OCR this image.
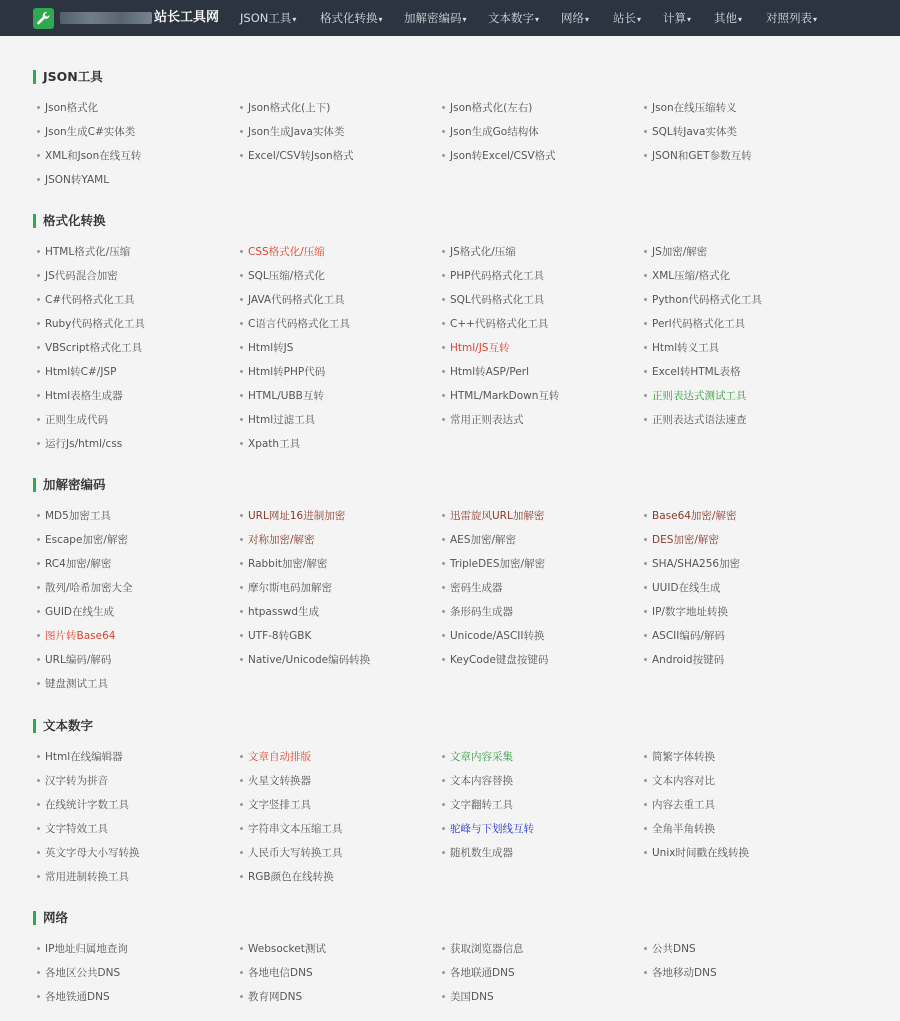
站长工具网 JSON工具▾ 格式化转换▾ 加解密编码▾ 文本数字▾ 网络▾ 站长▾ 计算▾ 其他▾ 对照列表▾
JSON工具
Json格式化	Json格式化(上下)	Json格式化(左右)	Json在线压缩转义
Json生成C#实体类	Json生成Java实体类	Json生成Go结构体	SQL转Java实体类
XML和Json在线互转	Excel/CSV转Json格式	Json转Excel/CSV格式	JSON和GET参数互转
JSON转YAML
格式化转换
HTML格式化/压缩	CSS格式化/压缩	JS格式化/压缩	JS加密/解密
JS代码混合加密	SQL压缩/格式化	PHP代码格式化工具	XML压缩/格式化
C#代码格式化工具	JAVA代码格式化工具	SQL代码格式化工具	Python代码格式化工具
Ruby代码格式化工具	C语言代码格式化工具	C++代码格式化工具	Perl代码格式化工具
VBScript格式化工具	Html转JS	Html/JS互转	Html转义工具
Html转C#/JSP	Html转PHP代码	Html转ASP/Perl	Excel转HTML表格
Html表格生成器	HTML/UBB互转	HTML/MarkDown互转	正则表达式测试工具
正则生成代码	Html过滤工具	常用正则表达式	正则表达式语法速查
运行Js/html/css	Xpath工具
加解密编码
MD5加密工具	URL网址16进制加密	迅雷旋风URL加解密	Base64加密/解密
Escape加密/解密	对称加密/解密	AES加密/解密	DES加密/解密
RC4加密/解密	Rabbit加密/解密	TripleDES加密/解密	SHA/SHA256加密
散列/哈希加密大全	摩尔斯电码加解密	密码生成器	UUID在线生成
GUID在线生成	htpasswd生成	条形码生成器	IP/数字地址转换
图片转Base64	UTF-8转GBK	Unicode/ASCII转换	ASCII编码/解码
URL编码/解码	Native/Unicode编码转换	KeyCode键盘按键码	Android按键码
键盘测试工具
文本数字
Html在线编辑器	文章自动排版	文章内容采集	简繁字体转换
汉字转为拼音	火星文转换器	文本内容替换	文本内容对比
在线统计字数工具	文字竖排工具	文字翻转工具	内容去重工具
文字特效工具	字符串文本压缩工具	驼峰与下划线互转	全角半角转换
英文字母大小写转换	人民币大写转换工具	随机数生成器	Unix时间戳在线转换
常用进制转换工具	RGB颜色在线转换
网络
IP地址归属地查询	Websocket测试	获取浏览器信息	公共DNS
各地区公共DNS	各地电信DNS	各地联通DNS	各地移动DNS
各地铁通DNS	教育网DNS	美国DNS
